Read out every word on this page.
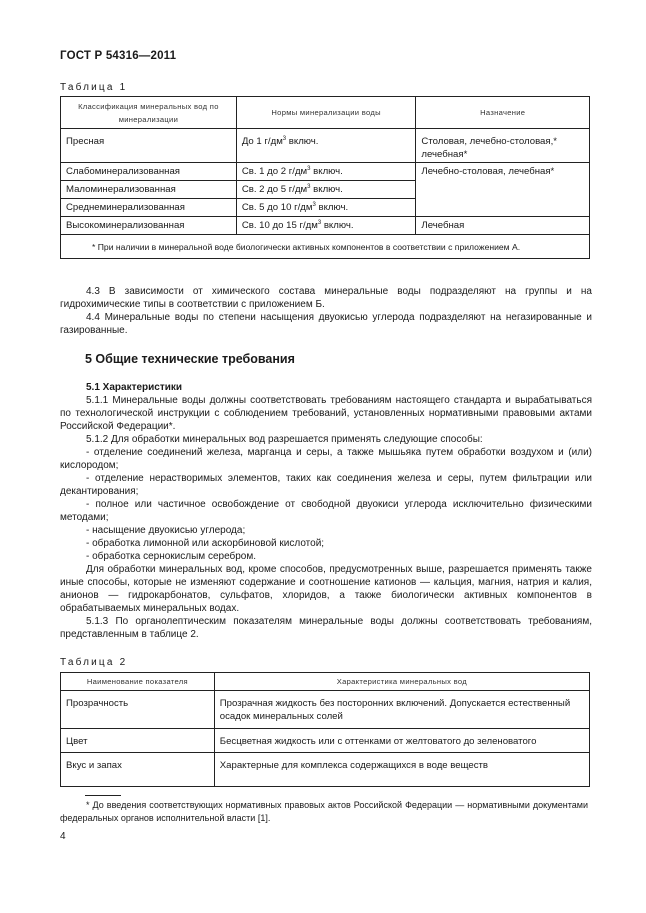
ГОСТ Р 54316—2011
Таблица 1
Классификация минеральных вод по минерализации	Нормы минерализации воды	Назначение
Пресная	До 1 $г/дм^3$ включ.	Столовая, лечебно-столовая,* лечебная*
Слабоминерализованная	Св. 1 до 2 $г/дм^3$ включ.	Лечебно-столовая, лечебная*
Маломинерализованная	Св. 2 до 5 $г/дм^3$ включ.	
Среднеминерализованная	Св. 5 до 10 $г/дм^3$ включ.	
Высокоминерализованная	Св. 10 до 15 $г/дм^3$ включ.	Лечебная
* При наличии в минеральной воде биологически активных компонентов в соответствии с приложением А.		

4.3 В зависимости от химического состава минеральные воды подразделяют на группы и на гидрохимические типы в соответствии с приложением Б.

4.4 Минеральные воды по степени насыщения двуокисью углерода подразделяют на негазированные и газированные.

5 Общие технические требования

5.1 Характеристики

5.1.1 Минеральные воды должны соответствовать требованиям настоящего стандарта и вырабатываться по технологической инструкции с соблюдением требований, установленных нормативными правовыми актами Российской Федерации*.

5.1.2 Для обработки минеральных вод разрешается применять следующие способы:

- отделение соединений железа, марганца и серы, а также мышьяка путем обработки воздухом и (или) кислородом;

- отделение нерастворимых элементов, таких как соединения железа и серы, путем фильтрации или декантирования;

- полное или частичное освобождение от свободной двуокиси углерода исключительно физическими методами;

- насыщение двуокисью углерода;

- обработка лимонной или аскорбиновой кислотой;

- обработка сернокислым серебром.

Для обработки минеральных вод, кроме способов, предусмотренных выше, разрешается применять также иные способы, которые не изменяют содержание и соотношение катионов — кальция, магния, натрия и калия, анионов — гидрокарбонатов, сульфатов, хлоридов, а также биологически активных компонентов в обрабатываемых минеральных водах.

5.1.3 По органолептическим показателям минеральные воды должны соответствовать требованиям, представленным в таблице 2.

Таблица 2
Наименование показателя	Характеристика минеральных вод
Прозрачность	Прозрачная жидкость без посторонних включений. Допускается естественный осадок минеральных солей
Цвет	Бесцветная жидкость или с оттенками от желтоватого до зеленоватого
Вкус и запах	Характерные для комплекса содержащихся в воде веществ
* До введения соответствующих нормативных правовых актов Российской Федерации — нормативными документами федеральных органов исполнительной власти [1].
4
